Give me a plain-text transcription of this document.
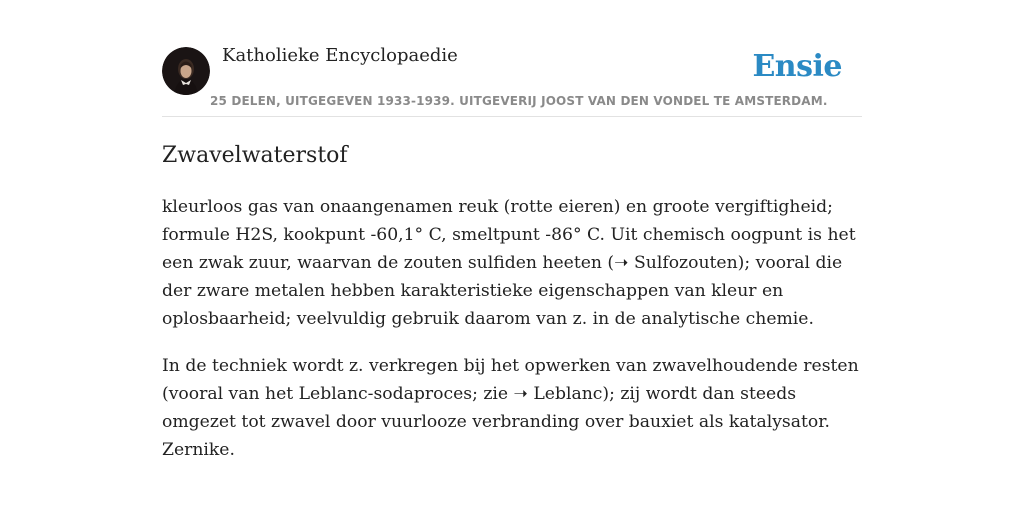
Katholieke Encyclopaedie
25 DELEN, UITGEGEVEN 1933-1939. UITGEVERIJ JOOST VAN DEN VONDEL TE AMSTERDAM.
Ensie
Zwavelwaterstof

kleurloos gas van onaangenamen reuk (rotte eieren) en groote vergiftigheid; formule H2S, kookpunt -60,1° C, smeltpunt -86° C. Uit chemisch oogpunt is het een zwak zuur, waarvan de zouten sulfiden heeten (➝ Sulfozouten); vooral die der zware metalen hebben karakteristieke eigenschappen van kleur en oplosbaarheid; veelvuldig gebruik daarom van z. in de analytische chemie.

In de techniek wordt z. verkregen bij het opwerken van zwavelhoudende resten (vooral van het Leblanc-sodaproces; zie ➝ Leblanc); zij wordt dan steeds omgezet tot zwavel door vuurlooze verbranding over bauxiet als katalysator. Zernike.
